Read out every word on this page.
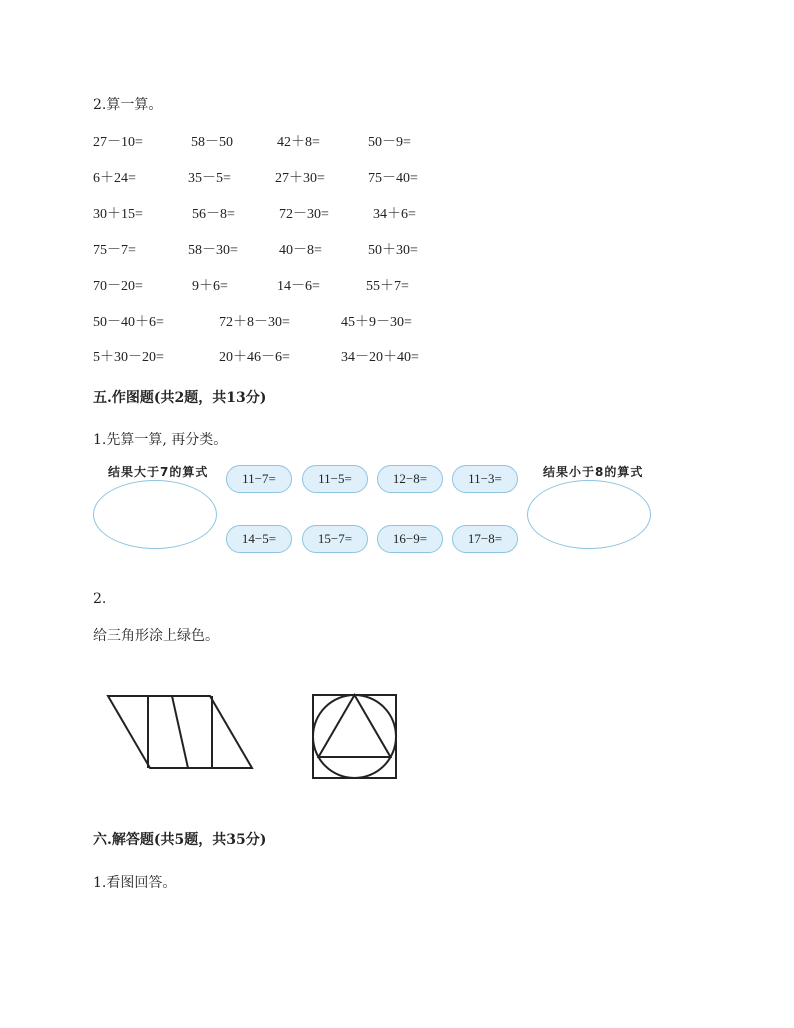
2.算一算。
27－10=	58－50	42＋8=	50－9=
6＋24=	35－5=	27＋30=	75－40=
30＋15=	56－8=	72－30=	34＋6=
75－7=	58－30=	40－8=	50＋30=
70－20=	9＋6=	14－6=	55＋7=
50－40＋6=	72＋8－30=	45＋9－30=
5＋30－20=	20＋46－6=	34－20＋40=
五.作图题(共2题，共13分)
1.先算一算, 再分类。
结果大于7的算式	11−7=	11−5=	12−8=	11−3=
14−5=	15−7=	16−9=	17−8=
结果小于8的算式
2.
给三角形涂上绿色。
六.解答题(共5题，共35分)
1.看图回答。
